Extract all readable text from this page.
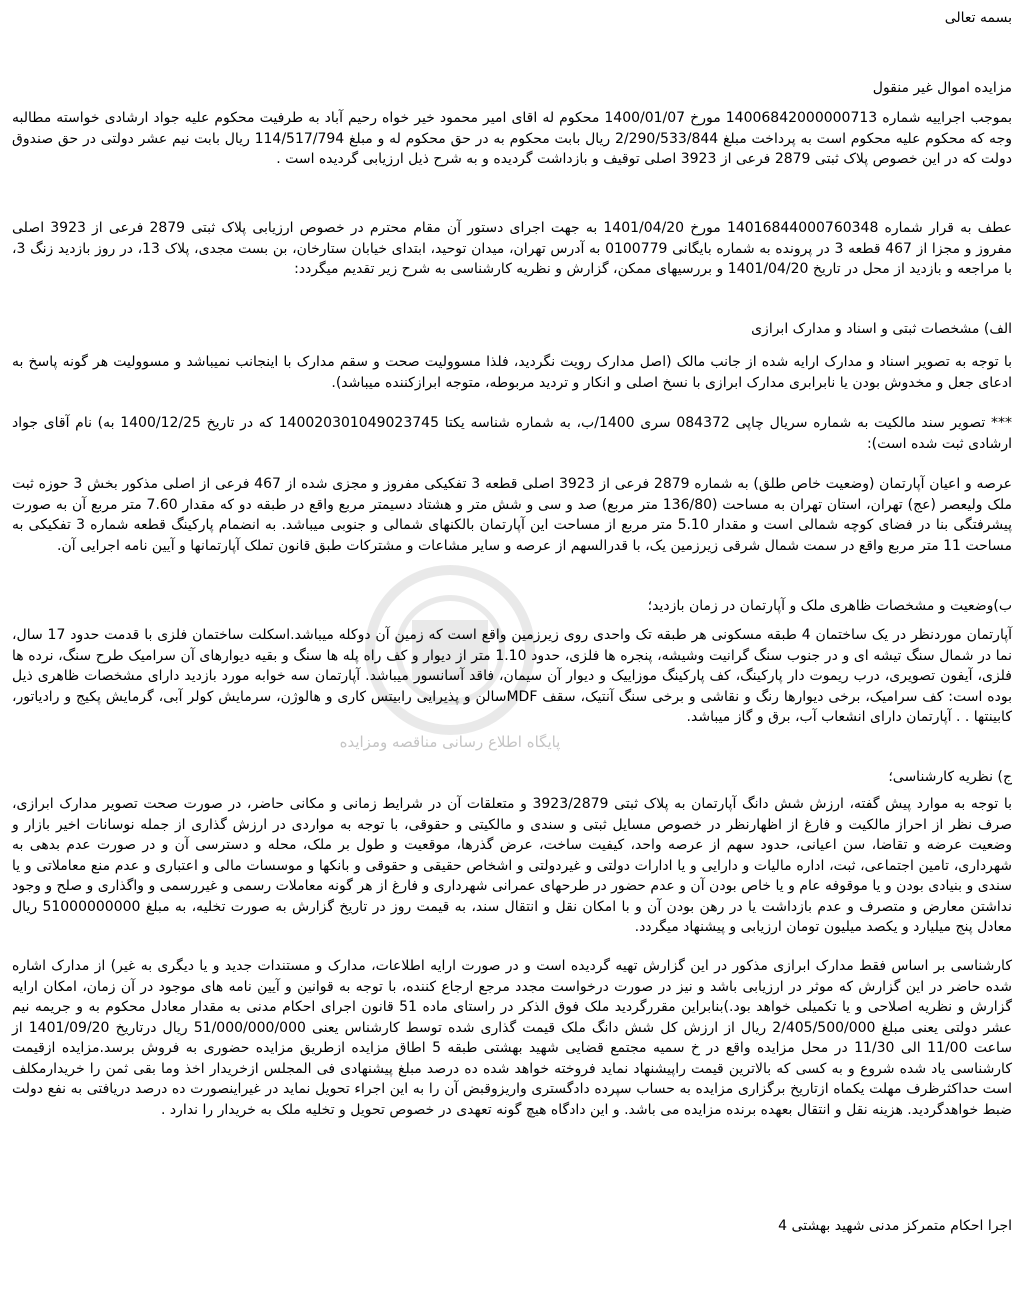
پایگاه اطلاع رسانی مناقصه ومزایده
بسمه تعالی
مزایده اموال غیر منقول

بموجب اجراییه شماره 14006842000000713 مورخ 1400/01/07 محکوم له اقای امیر محمود خیر خواه رحیم آباد به طرفیت محکوم علیه جواد ارشادی خواسته مطالبه وجه که محکوم علیه محکوم است به پرداخت مبلغ 2/290/533/844 ریال بابت محکوم به در حق محکوم له و مبلغ 114/517/794 ریال بابت نیم عشر دولتی در حق صندوق دولت که در این خصوص پلاک ثبتی 2879 فرعی از 3923 اصلی توقیف و بازداشت گردیده و به شرح ذیل ارزیابی گردیده است .

عطف به قرار شماره 14016844000760348 مورخ 1401/04/20 به جهت اجرای دستور آن مقام محترم در خصوص ارزیابی پلاک ثبتی 2879 فرعی از 3923 اصلی مفروز و مجزا از 467 قطعه 3 در پرونده به شماره بایگانی 0100779 به آدرس تهران، میدان توحید، ابتدای خیابان ستارخان، بن بست مجدی، پلاک 13، در روز بازدید زنگ 3، با مراجعه و بازدید از محل در تاریخ 1401/04/20 و بررسیهای ممکن، گزارش و نظریه کارشناسی به شرح زیر تقدیم میگردد:

الف) مشخصات ثبتی و اسناد و مدارک ابرازی

با توجه به تصویر اسناد و مدارک ارایه شده از جانب مالک (اصل مدارک رویت نگردید، فلذا مسوولیت صحت و سقم مدارک با اینجانب نمیباشد و مسوولیت هر گونه پاسخ به ادعای جعل و مخدوش بودن یا نابرابری مدارک ابرازی با نسخ اصلی و انکار و تردید مربوطه، متوجه ابرازکننده میباشد).

*** تصویر سند مالکیت به شماره سریال چاپی 084372 سری 1400/ب، به شماره شناسه یکتا 140020301049023745 که در تاریخ 1400/12/25 به) نام آقای جواد ارشادی ثبت شده است):

عرصه و اعیان آپارتمان (وضعیت خاص طلق) به شماره 2879 فرعی از 3923 اصلی قطعه 3 تفکیکی مفروز و مجزی شده از 467 فرعی از اصلی مذکور بخش 3 حوزه ثبت ملک ولیعصر (عج) تهران، استان تهران به مساحت (136/80 متر مربع) صد و سی و شش متر و هشتاد دسیمتر مربع واقع در طبقه دو که مقدار 7.60 متر مربع آن به صورت پیشرفتگی بنا در فضای کوچه شمالی است و مقدار 5.10 متر مربع از مساحت این آپارتمان بالکنهای شمالی و جنوبی میباشد. به انضمام پارکینگ قطعه شماره 3 تفکیکی به مساحت 11 متر مربع واقع در سمت شمال شرقی زیرزمین یک، با قدرالسهم از عرصه و سایر مشاعات و مشترکات طبق قانون تملک آپارتمانها و آیین نامه اجرایی آن.

ب)وضعیت و مشخصات ظاهری ملک و آپارتمان در زمان بازدید؛

آپارتمان موردنظر در یک ساختمان 4 طبقه مسکونی هر طبقه تک واحدی روی زیرزمین واقع است که زمین آن دوکله میباشد.اسکلت ساختمان فلزی با قدمت حدود 17 سال، نما در شمال سنگ تیشه ای و در جنوب سنگ گرانیت وشیشه، پنجره ها فلزی، حدود 1.10 متر از دیوار و کف راه پله ها سنگ و بقیه دیوارهای آن سرامیک طرح سنگ، نرده ها فلزی، آیفون تصویری، درب ریموت دار پارکینگ، کف پارکینگ موزاییک و دیوار آن سیمان، فاقد آسانسور میباشد. آپارتمان سه خوابه مورد بازدید دارای مشخصات ظاهری ذیل بوده است: کف سرامیک، برخی دیوارها رنگ و نقاشی و برخی سنگ آنتیک، سقف MDFسالن و پذیرایی رابیتس کاری و هالوژن، سرمایش کولر آبی، گرمایش پکیج و رادیاتور، کابینتها . . آپارتمان دارای انشعاب آب، برق و گاز میباشد.

ج) نظریه کارشناسی؛

با توجه به موارد پیش گفته، ارزش شش دانگ آپارتمان به پلاک ثبتی 3923/2879 و متعلقات آن در شرایط زمانی و مکانی حاضر، در صورت صحت تصویر مدارک ابرازی، صرف نظر از احراز مالکیت و فارغ از اظهارنظر در خصوص مسایل ثبتی و سندی و مالکیتی و حقوقی، با توجه به مواردی در ارزش گذاری از جمله نوسانات اخیر بازار و وضعیت عرضه و تقاضا، سن اعیانی، حدود سهم از عرصه واحد، کیفیت ساخت، عرض گذرها، موقعیت و طول بر ملک، محله و دسترسی آن و در صورت عدم بدهی به شهرداری، تامین اجتماعی، ثبت، اداره مالیات و دارایی و یا ادارات دولتی و غیردولتی و اشخاص حقیقی و حقوقی و بانکها و موسسات مالی و اعتباری و عدم منع معاملاتی و یا سندی و بنیادی بودن و یا موقوفه عام و یا خاص بودن آن و عدم حضور در طرحهای عمرانی شهرداری و فارغ از هر گونه معاملات رسمی و غیررسمی و واگذاری و صلح و وجود نداشتن معارض و متصرف و عدم بازداشت یا در رهن بودن آن و با امکان نقل و انتقال سند، به قیمت روز در تاریخ گزارش به صورت تخلیه، به مبلغ 51000000000 ریال معادل پنج میلیارد و یکصد میلیون تومان ارزیابی و پیشنهاد میگردد.

کارشناسی بر اساس فقط مدارک ابرازی مذکور در این گزارش تهیه گردیده است و در صورت ارایه اطلاعات، مدارک و مستندات جدید و یا دیگری به غیر) از مدارک اشاره شده حاضر در این گزارش که موثر در ارزیابی باشد و نیز در صورت درخواست مجدد مرجع ارجاع کننده، با توجه به قوانین و آیین نامه های موجود در آن زمان، امکان ارایه گزارش و نظریه اصلاحی و یا تکمیلی خواهد بود.)بنابراین مقررگردید ملک فوق الذکر در راستای ماده 51 قانون اجرای احکام مدنی به مقدار معادل محکوم به و جریمه نیم عشر دولتی یعنی مبلغ 2/405/500/000 ریال از ارزش کل شش دانگ ملک قیمت گذاری شده توسط کارشناس یعنی 51/000/000/000 ریال درتاریخ 1401/09/20 از ساعت 11/00 الی 11/30 در محل مزایده واقع در خ سمیه مجتمع قضایی شهید بهشتی طبقه 5 اطاق مزایده ازطریق مزایده حضوری به فروش برسد.مزایده ازقیمت کارشناسی یاد شده شروع و به کسی که بالاترین قیمت راپیشنهاد نماید فروخته خواهد شده ده درصد مبلغ پیشنهادی فی المجلس ازخریدار اخذ وما بقی ثمن را خریدارمکلف است حداکثرظرف مهلت یکماه ازتاریخ برگزاری مزایده به حساب سپرده دادگستری واریزوقبض آن را به این اجراء تحویل نماید در غیراینصورت ده درصد دریافتی به نفع دولت ضبط خواهدگردید. هزینه نقل و انتقال بعهده برنده مزایده می باشد. و این دادگاه هیچ گونه تعهدی در خصوص تحویل و تخلیه ملک به خریدار را ندارد .

اجرا احکام متمرکز مدنی شهید بهشتی 4
